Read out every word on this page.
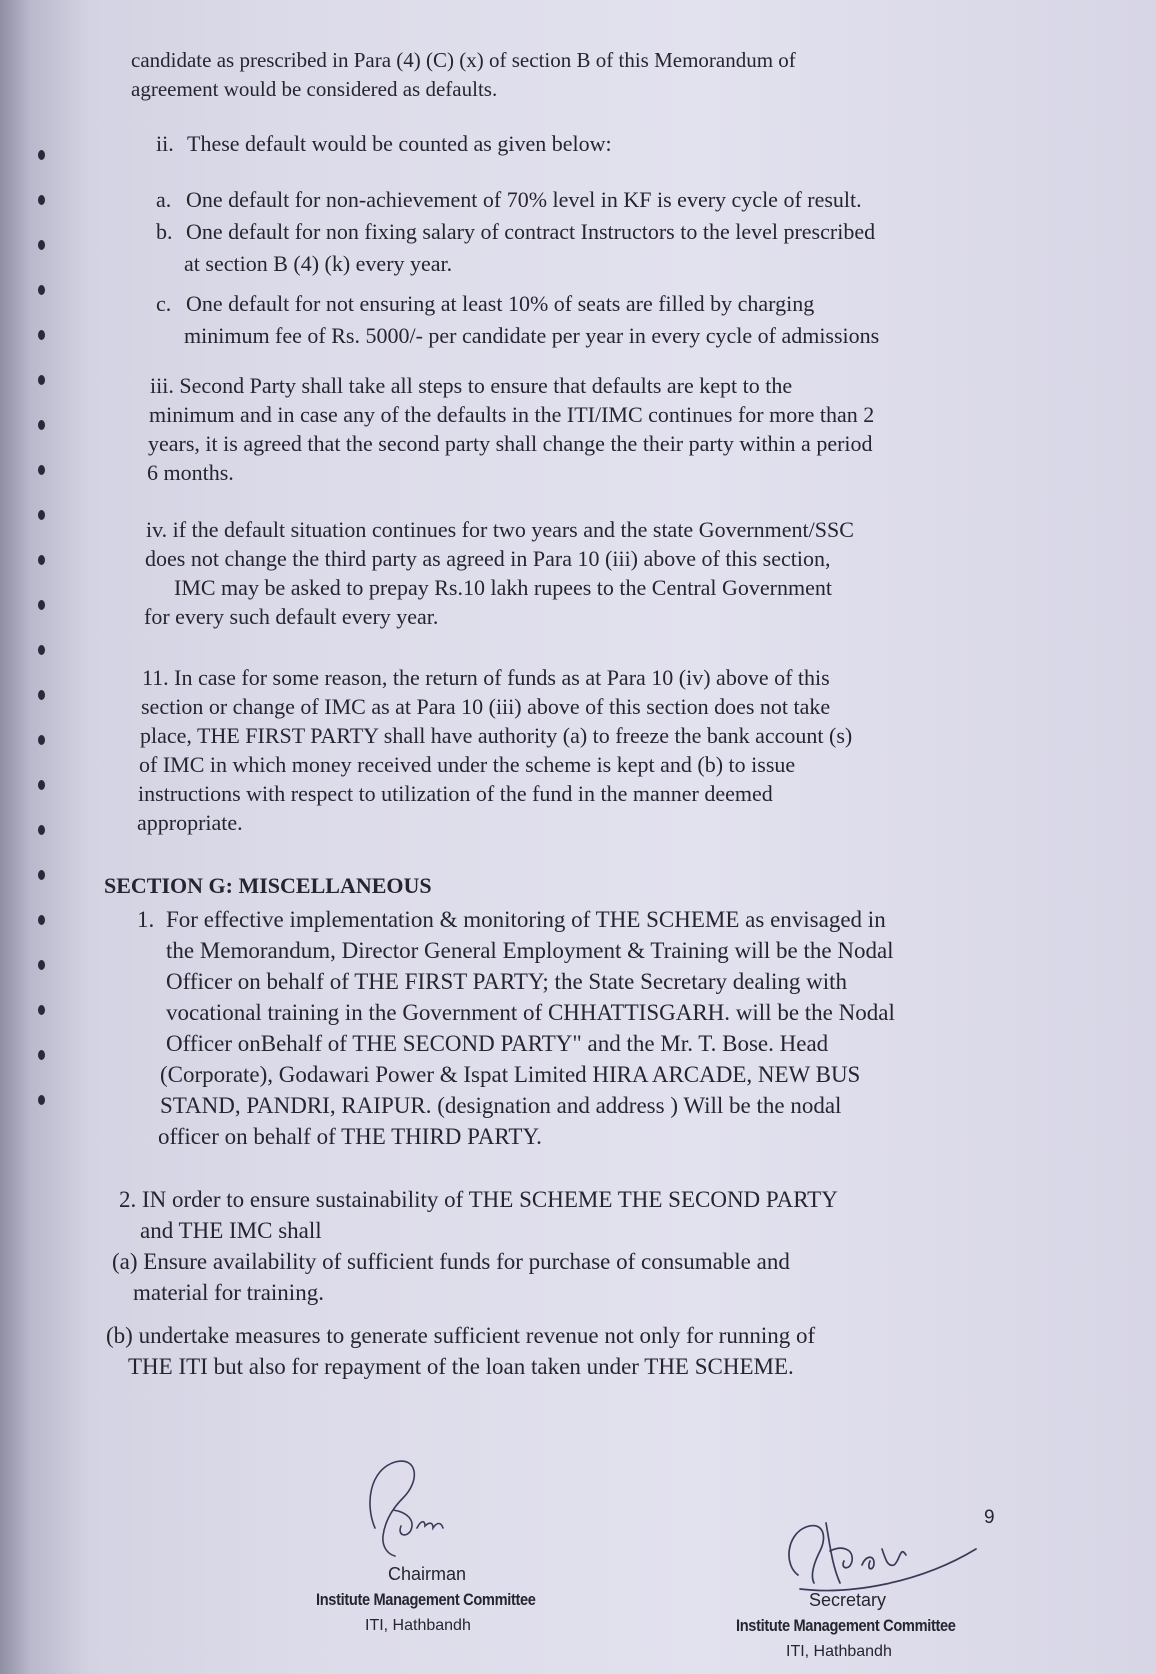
candidate as prescribed in Para (4) (C) (x) of section B of this Memorandum of
agreement would be considered as defaults.
ii. These default would be counted as given below:
a. One default for non-achievement of 70% level in KF is every cycle of result.
b. One default for non fixing salary of contract Instructors to the level prescribed
at section B (4) (k) every year.
c. One default for not ensuring at least 10% of seats are filled by charging
minimum fee of Rs. 5000/- per candidate per year in every cycle of admissions
iii. Second Party shall take all steps to ensure that defaults are kept to the
minimum and in case any of the defaults in the ITI/IMC continues for more than 2
years, it is agreed that the second party shall change the their party within a period
6 months.
iv. if the default situation continues for two years and the state Government/SSC
does not change the third party as agreed in Para 10 (iii) above of this section,
IMC may be asked to prepay Rs.10 lakh rupees to the Central Government
for every such default every year.
11. In case for some reason, the return of funds as at Para 10 (iv) above of this
section or change of IMC as at Para 10 (iii) above of this section does not take
place, THE FIRST PARTY shall have authority (a) to freeze the bank account (s)
of IMC in which money received under the scheme is kept and (b) to issue
instructions with respect to utilization of the fund in the manner deemed
appropriate.
SECTION G: MISCELLANEOUS
1. For effective implementation & monitoring of THE SCHEME as envisaged in
the Memorandum, Director General Employment & Training will be the Nodal
Officer on behalf of THE FIRST PARTY; the State Secretary dealing with
vocational training in the Government of CHHATTISGARH. will be the Nodal
Officer onBehalf of THE SECOND PARTY" and the Mr. T. Bose. Head
(Corporate), Godawari Power & Ispat Limited HIRA ARCADE, NEW BUS
STAND, PANDRI, RAIPUR. (designation and address ) Will be the nodal
officer on behalf of THE THIRD PARTY.
2. IN order to ensure sustainability of THE SCHEME THE SECOND PARTY
and THE IMC shall
(a) Ensure availability of sufficient funds for purchase of consumable and
material for training.
(b) undertake measures to generate sufficient revenue not only for running of
THE ITI but also for repayment of the loan taken under THE SCHEME.
9
Chairman
Institute Management Committee
ITI, Hathbandh
Secretary
Institute Management Committee
ITI, Hathbandh
